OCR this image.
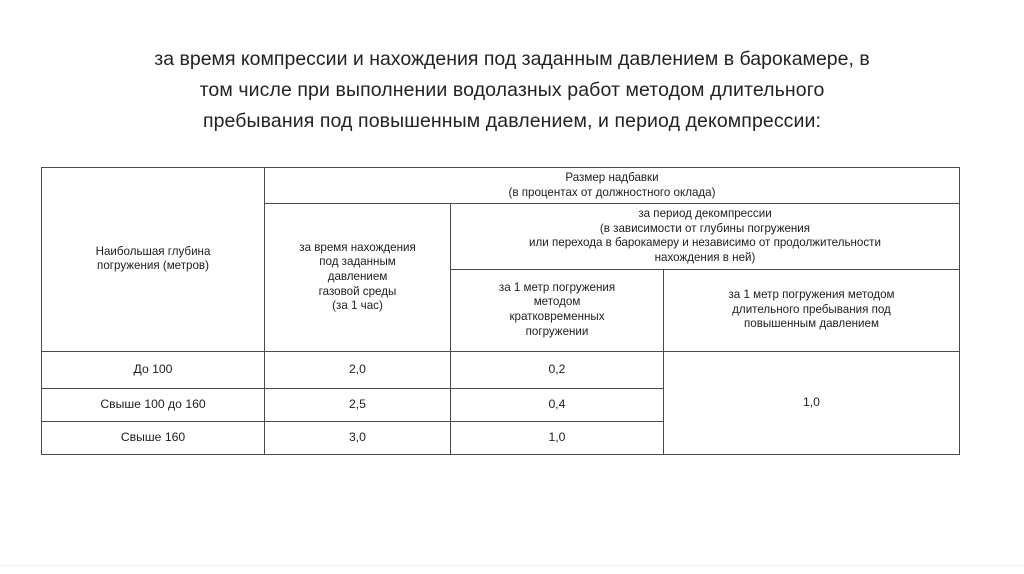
за время компрессии и нахождения под заданным давлением в барокамере, в
том числе при выполнении водолазных работ методом длительного
пребывания под повышенным давлением, и период декомпрессии:
Наибольшая глубина
погружения (метров)	Размер надбавки
(в процентах от должностного оклада)		

	за время нахождения
под заданным
давлением
газовой среды
(за 1 час)	за период декомпрессии
(в зависимости от глубины погружения
или перехода в барокамеру и независимо от продолжительности
нахождения в ней)	

		за 1 метр погружения
методом
кратковременных
погружении	за 1 метр погружения методом
длительного пребывания под
повышенным давлением

До 100	2,0	0,2	1,0
Свыше 100 до 160	2,5	0,4	
Свыше 160	3,0	1,0	
